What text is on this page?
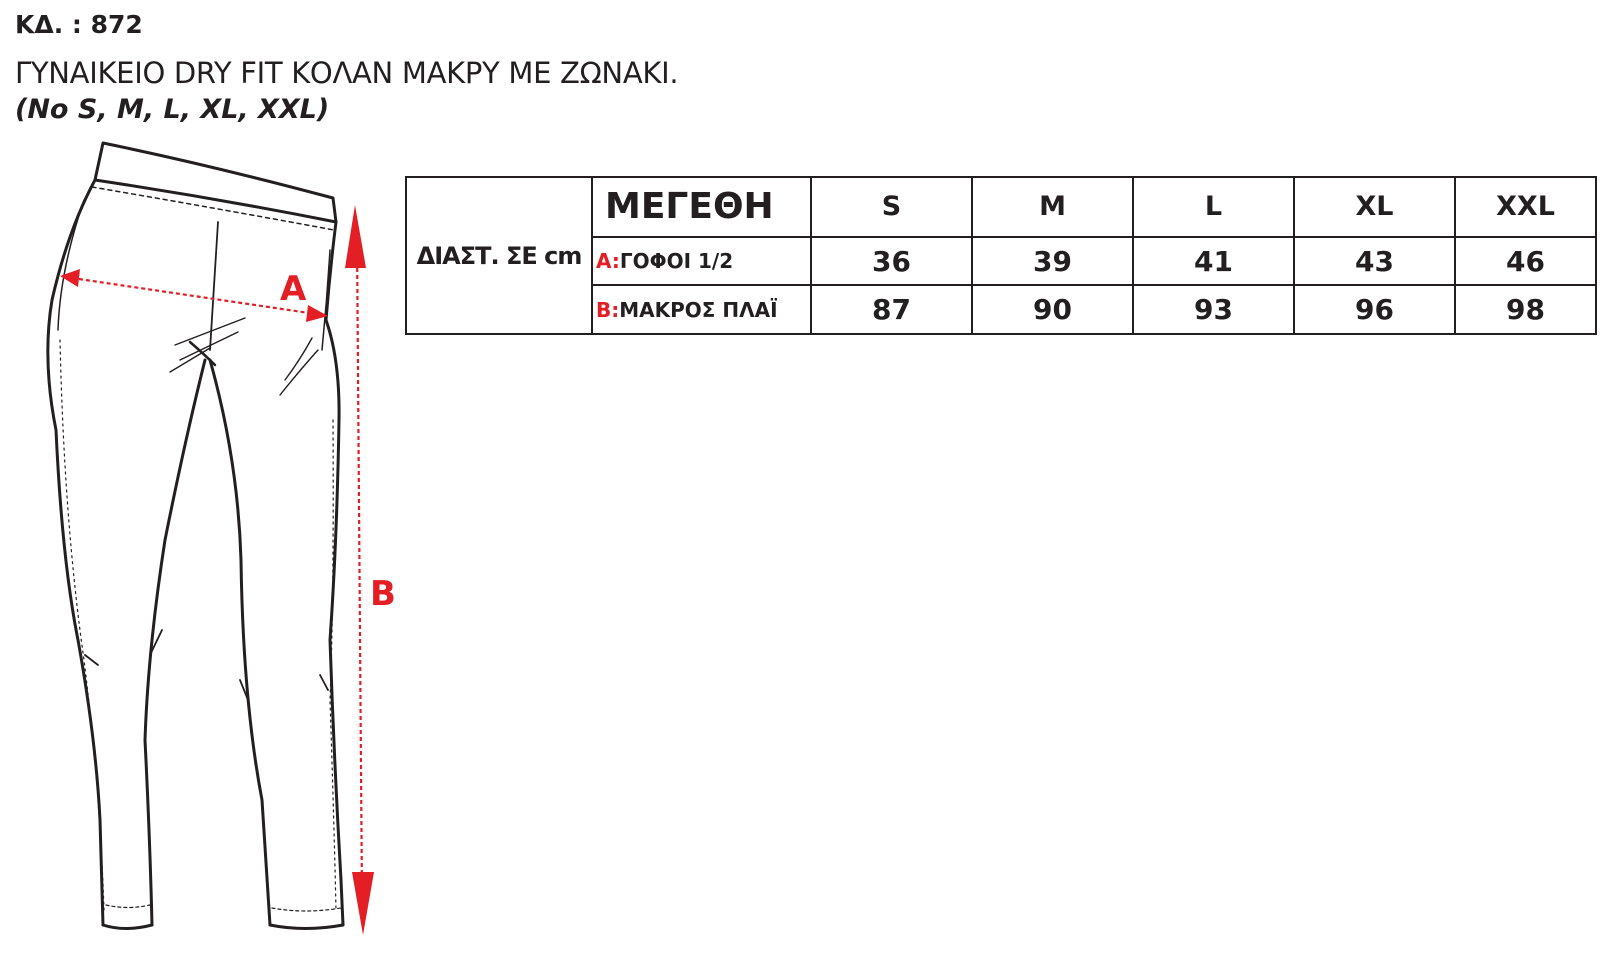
ΚΔ. : 872
ΓΥΝΑΙΚΕΙΟ DRY FIT ΚΟΛΑΝ ΜΑΚΡΥ ΜΕ ΖΩΝΑΚΙ.
(No S, M, L, XL, XXL)
A
B
ΔΙΑΣΤ. ΣΕ cm	ΜΕΓΕΘΗ	S	M	L	XL	XXL
	A:ΓΟΦΟΙ 1/2	36	39	41	43	46
	B:ΜΑΚΡΟΣ ΠΛΑΪ	87	90	93	96	98
